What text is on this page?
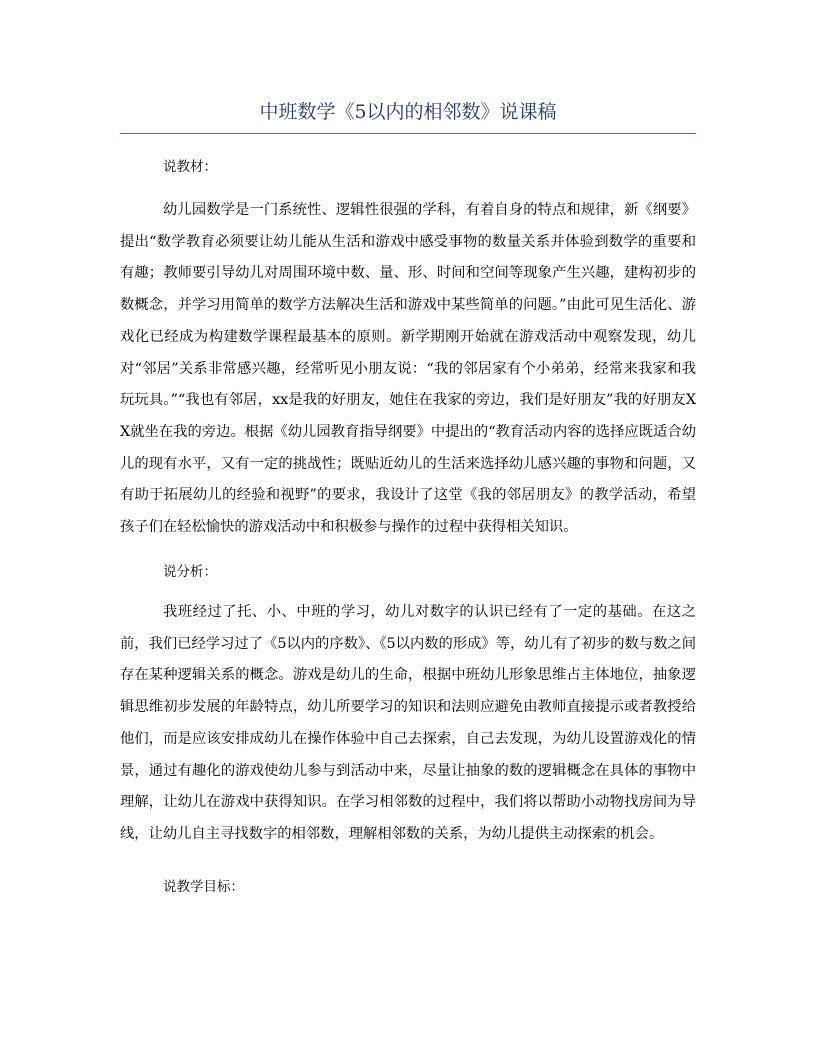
中班数学《5以内的相邻数》说课稿
说教材：
幼儿园数学是一门系统性、逻辑性很强的学科，有着自身的特点和规律，新《纲要》提出“数学教育必须要让幼儿能从生活和游戏中感受事物的数量关系并体验到数学的重要和有趣；教师要引导幼儿对周围环境中数、量、形、时间和空间等现象产生兴趣，建构初步的数概念，并学习用简单的数学方法解决生活和游戏中某些简单的问题。”由此可见生活化、游戏化已经成为构建数学课程最基本的原则。新学期刚开始就在游戏活动中观察发现，幼儿对“邻居”关系非常感兴趣，经常听见小朋友说：“我的邻居家有个小弟弟，经常来我家和我玩玩具。”“我也有邻居，xx是我的好朋友，她住在我家的旁边，我们是好朋友”我的好朋友XX就坐在我的旁边。根据《幼儿园教育指导纲要》中提出的“教育活动内容的选择应既适合幼儿的现有水平，又有一定的挑战性；既贴近幼儿的生活来选择幼儿感兴趣的事物和问题，又有助于拓展幼儿的经验和视野”的要求，我设计了这堂《我的邻居朋友》的教学活动，希望孩子们在轻松愉快的游戏活动中和积极参与操作的过程中获得相关知识。
说分析：
我班经过了托、小、中班的学习，幼儿对数字的认识已经有了一定的基础。在这之前，我们已经学习过了《5以内的序数》、《5以内数的形成》等，幼儿有了初步的数与数之间存在某种逻辑关系的概念。游戏是幼儿的生命，根据中班幼儿形象思维占主体地位，抽象逻辑思维初步发展的年龄特点，幼儿所要学习的知识和法则应避免由教师直接提示或者教授给他们，而是应该安排成幼儿在操作体验中自己去探索，自己去发现，为幼儿设置游戏化的情景，通过有趣化的游戏使幼儿参与到活动中来，尽量让抽象的数的逻辑概念在具体的事物中理解，让幼儿在游戏中获得知识。在学习相邻数的过程中，我们将以帮助小动物找房间为导线，让幼儿自主寻找数字的相邻数，理解相邻数的关系，为幼儿提供主动探索的机会。
说教学目标：
